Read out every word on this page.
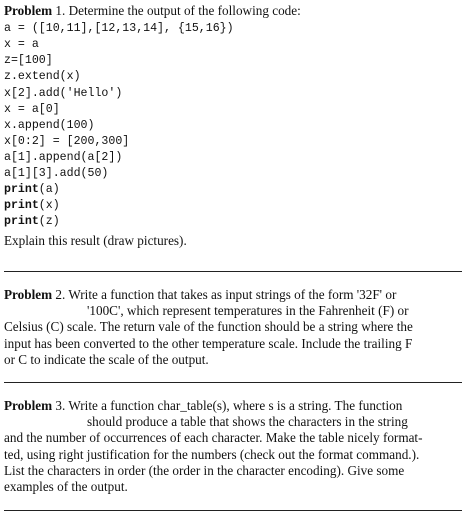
Problem 1. Determine the output of the following code:
a = ([10,11],[12,13,14], {15,16})
x = a
z=[100]
z.extend(x)
x[2].add('Hello')
x = a[0]
x.append(100)
x[0:2] = [200,300]
a[1].append(a[2])
a[1][3].add(50)
print(a)
print(x)
print(z)
Explain this result (draw pictures).
Problem 2. Write a function that takes as input strings of the form '32F' or
'100C', which represent temperatures in the Fahrenheit (F) or
Celsius (C) scale. The return vale of the function should be a string where the
input has been converted to the other temperature scale. Include the trailing F
or C to indicate the scale of the output.
Problem 3. Write a function char_table(s), where s is a string. The function
should produce a table that shows the characters in the string
and the number of occurrences of each character. Make the table nicely format-
ted, using right justification for the numbers (check out the format command.).
List the characters in order (the order in the character encoding). Give some
examples of the output.
